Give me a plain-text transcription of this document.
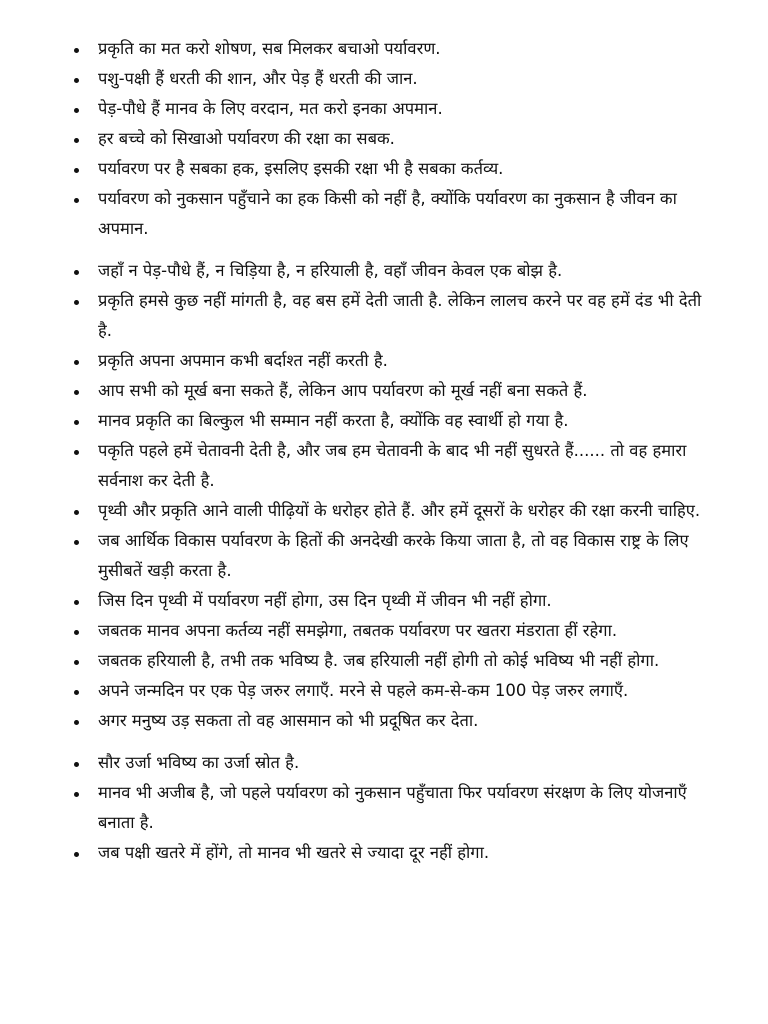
प्रकृति का मत करो शोषण, सब मिलकर बचाओ पर्यावरण.
पशु-पक्षी हैं धरती की शान, और पेड़ हैं धरती की जान.
पेड़-पौधे हैं मानव के लिए वरदान, मत करो इनका अपमान.
हर बच्चे को सिखाओ पर्यावरण की रक्षा का सबक.
पर्यावरण पर है सबका हक, इसलिए इसकी रक्षा भी है सबका कर्तव्य.
पर्यावरण को नुकसान पहुँचाने का हक किसी को नहीं है, क्योंकि पर्यावरण का नुकसान है जीवन का अपमान.
जहाँ न पेड़-पौधे हैं, न चिड़िया है, न हरियाली है, वहाँ जीवन केवल एक बोझ है.
प्रकृति हमसे कुछ नहीं मांगती है, वह बस हमें देती जाती है. लेकिन लालच करने पर वह हमें दंड भी देती है.
प्रकृति अपना अपमान कभी बर्दाश्त नहीं करती है.
आप सभी को मूर्ख बना सकते हैं, लेकिन आप पर्यावरण को मूर्ख नहीं बना सकते हैं.
मानव प्रकृति का बिल्कुल भी सम्मान नहीं करता है, क्योंकि वह स्वार्थी हो गया है.
पकृति पहले हमें चेतावनी देती है, और जब हम चेतावनी के बाद भी नहीं सुधरते हैं...... तो वह हमारा सर्वनाश कर देती है.
पृथ्वी और प्रकृति आने वाली पीढ़ियों के धरोहर होते हैं. और हमें दूसरों के धरोहर की रक्षा करनी चाहिए.
जब आर्थिक विकास पर्यावरण के हितों की अनदेखी करके किया जाता है, तो वह विकास राष्ट्र के लिए मुसीबतें खड़ी करता है.
जिस दिन पृथ्वी में पर्यावरण नहीं होगा, उस दिन पृथ्वी में जीवन भी नहीं होगा.
जबतक मानव अपना कर्तव्य नहीं समझेगा, तबतक पर्यावरण पर खतरा मंडराता हीं रहेगा.
जबतक हरियाली है, तभी तक भविष्य है. जब हरियाली नहीं होगी तो कोई भविष्य भी नहीं होगा.
अपने जन्मदिन पर एक पेड़ जरुर लगाएँ. मरने से पहले कम-से-कम 100 पेड़ जरुर लगाएँ.
अगर मनुष्य उड़ सकता तो वह आसमान को भी प्रदूषित कर देता.
सौर उर्जा भविष्य का उर्जा स्रोत है.
मानव भी अजीब है, जो पहले पर्यावरण को नुकसान पहुँचाता फिर पर्यावरण संरक्षण के लिए योजनाएँ बनाता है.
जब पक्षी खतरे में होंगे, तो मानव भी खतरे से ज्यादा दूर नहीं होगा.
